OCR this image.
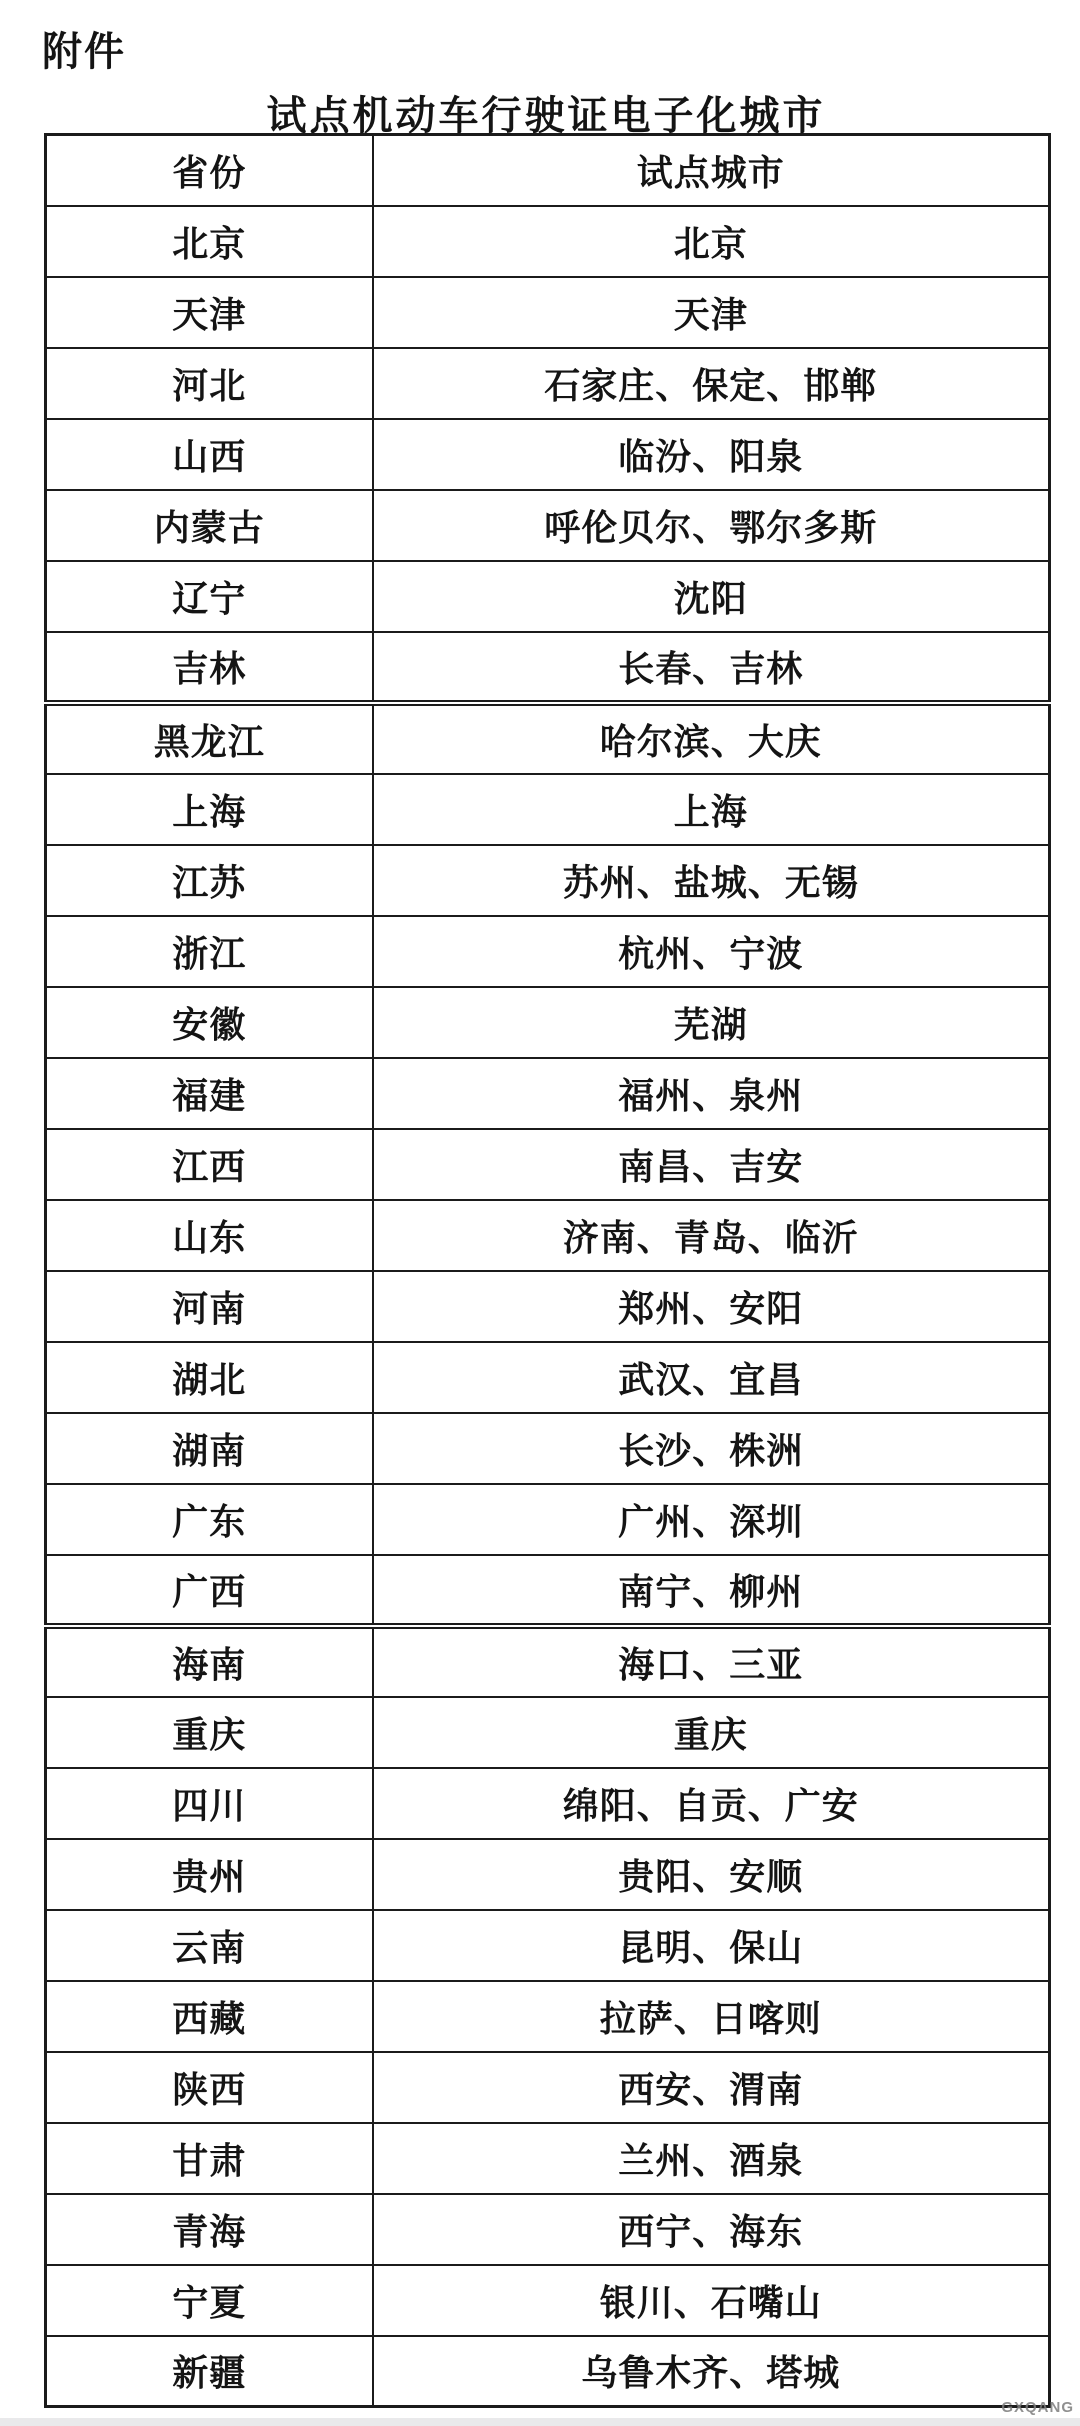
附件
试点机动车行驶证电子化城市
省份	试点城市
北京	北京
天津	天津
河北	石家庄、保定、邯郸
山西	临汾、阳泉
内蒙古	呼伦贝尔、鄂尔多斯
辽宁	沈阳
吉林	长春、吉林
黑龙江	哈尔滨、大庆
上海	上海
江苏	苏州、盐城、无锡
浙江	杭州、宁波
安徽	芜湖
福建	福州、泉州
江西	南昌、吉安
山东	济南、青岛、临沂
河南	郑州、安阳
湖北	武汉、宜昌
湖南	长沙、株洲
广东	广州、深圳
广西	南宁、柳州
海南	海口、三亚
重庆	重庆
四川	绵阳、自贡、广安
贵州	贵阳、安顺
云南	昆明、保山
西藏	拉萨、日喀则
陕西	西安、渭南
甘肃	兰州、酒泉
青海	西宁、海东
宁夏	银川、石嘴山
新疆	乌鲁木齐、塔城
GXQANG
